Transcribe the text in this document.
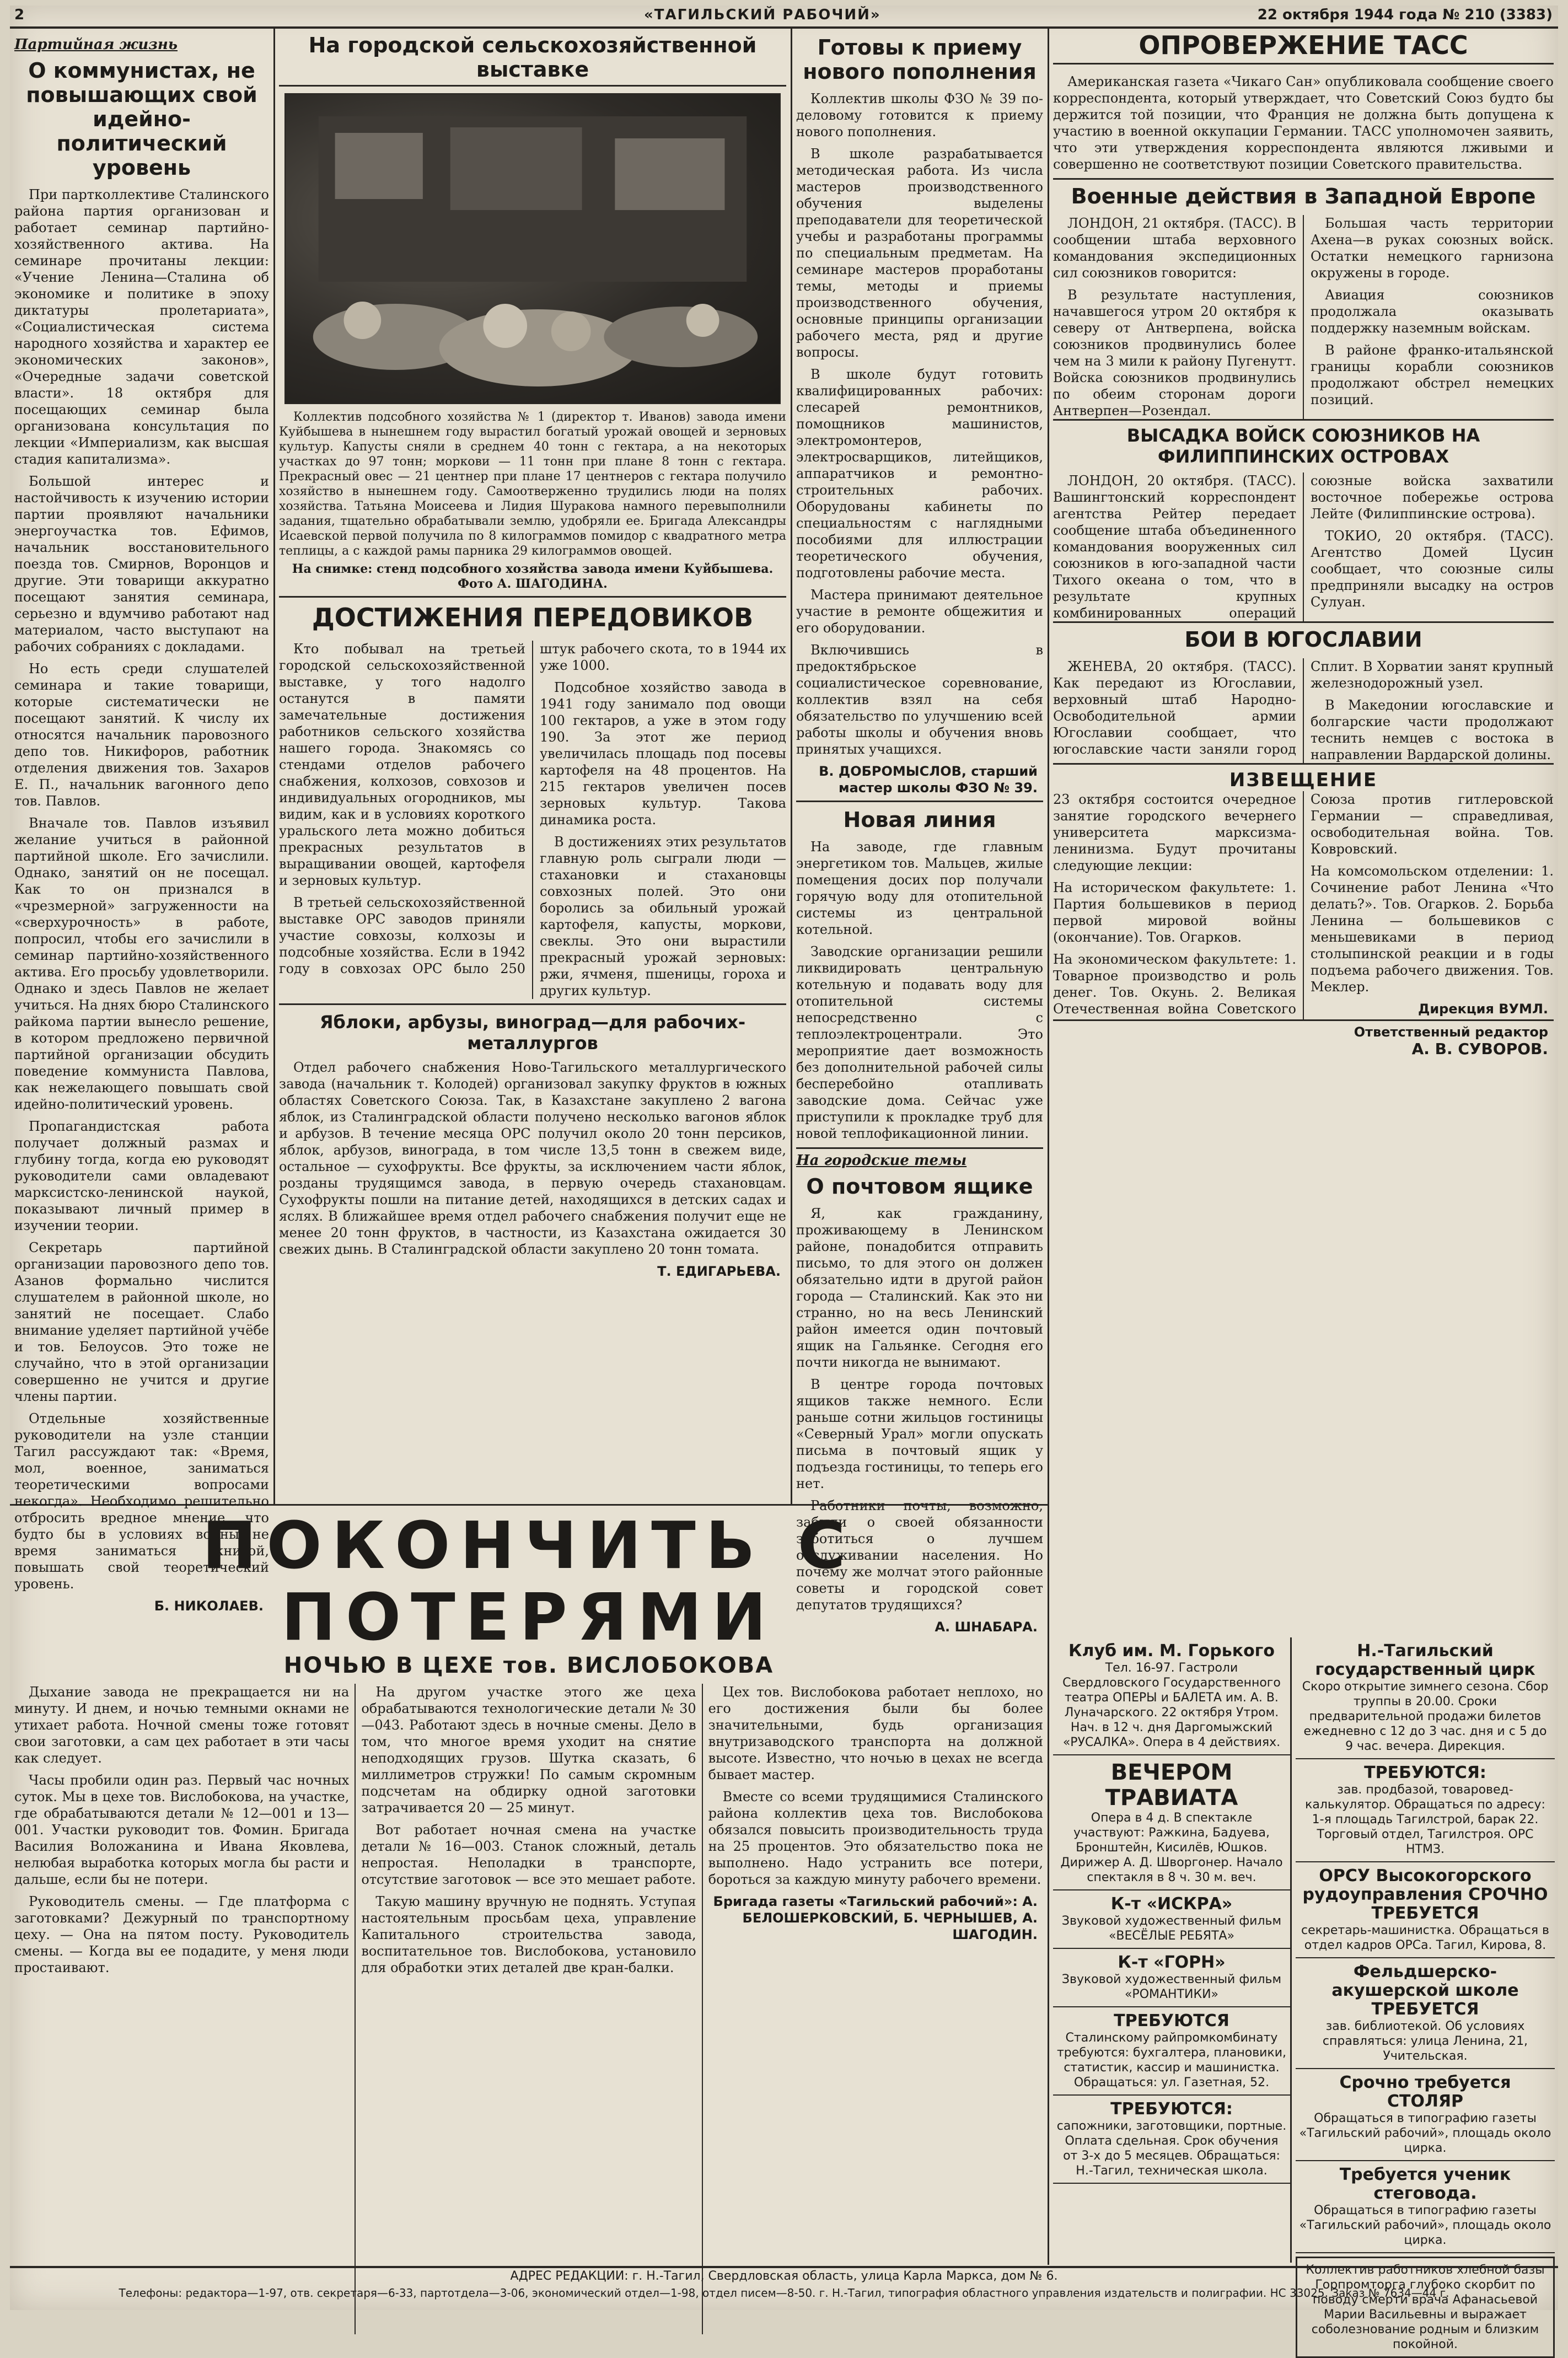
2	«ТАГИЛЬСКИЙ РАБОЧИЙ»	22 октября 1944 года № 210 (3383)
Партийная жизнь
О коммунистах, не повышающих свой идейно-политический уровень

При партколлективе Сталинского района партия организован и работает семинар партийно-хозяйственного актива. На семинаре прочитаны лекции: «Учение Ленина—Сталина об экономике и политике в эпоху диктатуры пролетариата», «Социалистическая система народного хозяйства и характер ее экономических законов», «Очередные задачи советской власти». 18 октября для посещающих семинар была организована консультация по лекции «Империализм, как высшая стадия капитализма».

Большой интерес и настойчивость к изучению истории партии проявляют начальники энергоучастка тов. Ефимов, начальник восстановительного поезда тов. Смирнов, Воронцов и другие. Эти товарищи аккуратно посещают занятия семинара, серьезно и вдумчиво работают над материалом, часто выступают на рабочих собраниях с докладами.

Но есть среди слушателей семинара и такие товарищи, которые систематически не посещают занятий. К числу их относятся начальник паровозного депо тов. Никифоров, работник отделения движения тов. Захаров Е. П., начальник вагонного депо тов. Павлов.

Вначале тов. Павлов изъявил желание учиться в районной партийной школе. Его зачислили. Однако, занятий он не посещал. Как то он признался в «чрезмерной» загруженности на «сверхурочность» в работе, попросил, чтобы его зачислили в семинар партийно-хозяйственного актива. Его просьбу удовлетворили. Однако и здесь Павлов не желает учиться. На днях бюро Сталинского райкома партии вынесло решение, в котором предложено первичной партийной организации обсудить поведение коммуниста Павлова, как нежелающего повышать свой идейно-политический уровень.

Пропагандистская работа получает должный размах и глубину тогда, когда ею руководят руководители сами овладевают марксистско-ленинской наукой, показывают личный пример в изучении теории.

Секретарь партийной организации паровозного депо тов. Азанов формально числится слушателем в районной школе, но занятий не посещает. Слабо внимание уделяет партийной учёбе и тов. Белоусов. Это тоже не случайно, что в этой организации совершенно не учится и другие члены партии.

Отдельные хозяйственные руководители на узле станции Тагил рассуждают так: «Время, мол, военное, заниматься теоретическими вопросами некогда». Необходимо решительно отбросить вредное мнение, что будто бы в условиях войны не время заниматься книгой, повышать свой теоретический уровень.

Б. НИКОЛАЕВ.

На городской сельскохозяйственной выставке

Коллектив подсобного хозяйства № 1 (директор т. Иванов) завода имени Куйбышева в нынешнем году вырастил богатый урожай овощей и зерновых культур. Капусты сняли в среднем 40 тонн с гектара, а на некоторых участках до 97 тонн; моркови — 11 тонн при плане 8 тонн с гектара. Прекрасный овес — 21 центнер при плане 17 центнеров с гектара получило хозяйство в нынешнем году. Самоотверженно трудились люди на полях хозяйства. Татьяна Моисеева и Лидия Шуракова намного перевыполнили задания, тщательно обрабатывали землю, удобряли ее. Бригада Александры Исаевской первой получила по 8 килограммов помидор с квадратного метра теплицы, а с каждой рамы парника 29 килограммов овощей.

На снимке: стенд подсобного хозяйства завода имени Куйбышева. Фото А. ШАГОДИНА.

ДОСТИЖЕНИЯ ПЕРЕДОВИКОВ

Кто побывал на третьей городской сельскохозяйственной выставке, у того надолго останутся в памяти замечательные достижения работников сельского хозяйства нашего города. Знакомясь со стендами отделов рабочего снабжения, колхозов, совхозов и индивидуальных огородников, мы видим, как и в условиях короткого уральского лета можно добиться прекрасных результатов в выращивании овощей, картофеля и зерновых культур.

В третьей сельскохозяйственной выставке ОРС заводов приняли участие совхозы, колхозы и подсобные хозяйства. Если в 1942 году в совхозах ОРС было 250 штук рабочего скота, то в 1944 их уже 1000.

Подсобное хозяйство завода в 1941 году занимало под овощи 100 гектаров, а уже в этом году 190. За этот же период увеличилась площадь под посевы картофеля на 48 процентов. На 215 гектаров увеличен посев зерновых культур. Такова динамика роста.

В достижениях этих результатов главную роль сыграли люди — стахановки и стахановцы совхозных полей. Это они боролись за обильный урожай картофеля, капусты, моркови, свеклы. Это они вырастили прекрасный урожай зерновых: ржи, ячменя, пшеницы, гороха и других культур.

Яблоки, арбузы, виноград—для рабочих-металлургов

Отдел рабочего снабжения Ново-Тагильского металлургического завода (начальник т. Колодей) организовал закупку фруктов в южных областях Советского Союза. Так, в Казахстане закуплено 2 вагона яблок, из Сталинградской области получено несколько вагонов яблок и арбузов. В течение месяца ОРС получил около 20 тонн персиков, яблок, арбузов, винограда, в том числе 13,5 тонн в свежем виде, остальное — сухофрукты. Все фрукты, за исключением части яблок, розданы трудящимся завода, в первую очередь стахановцам. Сухофрукты пошли на питание детей, находящихся в детских садах и яслях. В ближайшее время отдел рабочего снабжения получит еще не менее 20 тонн фруктов, в частности, из Казахстана ожидается 30 свежих дынь. В Сталинградской области закуплено 20 тонн томата.

Т. ЕДИГАРЬЕВА.

Готовы к приему нового пополнения

Коллектив школы ФЗО № 39 по-деловому готовится к приему нового пополнения.

В школе разрабатывается методическая работа. Из числа мастеров производственного обучения выделены преподаватели для теоретической учебы и разработаны программы по специальным предметам. На семинаре мастеров проработаны темы, методы и приемы производственного обучения, основные принципы организации рабочего места, ряд и другие вопросы.

В школе будут готовить квалифицированных рабочих: слесарей ремонтников, помощников машинистов, электромонтеров, электросварщиков, литейщиков, аппаратчиков и ремонтно-строительных рабочих. Оборудованы кабинеты по специальностям с наглядными пособиями для иллюстрации теоретического обучения, подготовлены рабочие места.

Мастера принимают деятельное участие в ремонте общежития и его оборудовании.

Включившись в предоктябрьское социалистическое соревнование, коллектив взял на себя обязательство по улучшению всей работы школы и обучения вновь принятых учащихся.

В. ДОБРОМЫСЛОВ, старший мастер школы ФЗО № 39.

Новая линия

На заводе, где главным энергетиком тов. Мальцев, жилые помещения досих пор получали горячую воду для отопительной системы из центральной котельной.

Заводские организации решили ликвидировать центральную котельную и подавать воду для отопительной системы непосредственно с теплоэлектроцентрали. Это мероприятие дает возможность без дополнительной рабочей силы бесперебойно отапливать заводские дома. Сейчас уже приступили к прокладке труб для новой теплофикационной линии.

На городские темы
О почтовом ящике

Я, как гражданину, проживающему в Ленинском районе, понадобится отправить письмо, то для этого он должен обязательно идти в другой район города — Сталинский. Как это ни странно, но на весь Ленинский район имеется один почтовый ящик на Гальянке. Сегодня его почти никогда не вынимают.

В центре города почтовых ящиков также немного. Если раньше сотни жильцов гостиницы «Северный Урал» могли опускать письма в почтовый ящик у подъезда гостиницы, то теперь его нет.

Работники почты, возможно, забыли о своей обязанности заботиться о лучшем обслуживании населения. Но почему же молчат этого районные советы и городской совет депутатов трудящихся?

А. ШНАБАРА.

ОПРОВЕРЖЕНИЕ ТАСС

Американская газета «Чикаго Сан» опубликовала сообщение своего корреспондента, который утверждает, что Советский Союз будто бы держится той позиции, что Франция не должна быть допущена к участию в военной оккупации Германии. ТАСС уполномочен заявить, что эти утверждения корреспондента являются лживыми и совершенно не соответствуют позиции Советского правительства.

Военные действия в Западной Европе

ЛОНДОН, 21 октября. (ТАСС). В сообщении штаба верховного командования экспедиционных сил союзников говорится:

В результате наступления, начавшегося утром 20 октября к северу от Антверпена, войска союзников продвинулись более чем на 3 мили к району Пугенутт. Войска союзников продвинулись по обеим сторонам дороги Антверпен—Розендал.

Большая часть территории Ахена—в руках союзных войск. Остатки немецкого гарнизона окружены в городе.

Авиация союзников продолжала оказывать поддержку наземным войскам.

В районе франко-итальянской границы корабли союзников продолжают обстрел немецких позиций.

ВЫСАДКА ВОЙСК СОЮЗНИКОВ НА ФИЛИППИНСКИХ ОСТРОВАХ

ЛОНДОН, 20 октября. (ТАСС). Вашингтонский корреспондент агентства Рейтер передает сообщение штаба объединенного командования вооруженных сил союзников в юго-западной части Тихого океана о том, что в результате крупных комбинированных операций союзные войска захватили восточное побережье острова Лейте (Филиппинские острова).

ТОКИО, 20 октября. (ТАСС). Агентство Домей Цусин сообщает, что союзные силы предприняли высадку на остров Сулуан.

БОИ В ЮГОСЛАВИИ

ЖЕНЕВА, 20 октября. (ТАСС). Как передают из Югославии, верховный штаб Народно-Освободительной армии Югославии сообщает, что югославские части заняли город Сплит. В Хорватии занят крупный железнодорожный узел.

В Македонии югославские и болгарские части продолжают теснить немцев с востока в направлении Вардарской долины.

ИЗВЕЩЕНИЕ

23 октября состоится очередное занятие городского вечернего университета марксизма-ленинизма. Будут прочитаны следующие лекции:

На историческом факультете: 1. Партия большевиков в период первой мировой войны (окончание). Тов. Огарков.

На экономическом факультете: 1. Товарное производство и роль денег. Тов. Окунь. 2. Великая Отечественная война Советского Союза против гитлеровской Германии — справедливая, освободительная война. Тов. Ковровский.

На комсомольском отделении: 1. Сочинение работ Ленина «Что делать?». Тов. Огарков. 2. Борьба Ленина — большевиков с меньшевиками в период столыпинской реакции и в годы подъема рабочего движения. Тов. Меклер.

Дирекция ВУМЛ.

Ответственный редактор
А. В. СУВОРОВ.
ПОКОНЧИТЬ С ПОТЕРЯМИ
НОЧЬЮ В ЦЕХЕ тов. ВИСЛОБОКОВА

Дыхание завода не прекращается ни на минуту. И днем, и ночью темными окнами не утихает работа. Ночной смены тоже готовят свои заготовки, а сам цех работает в эти часы как следует.

Часы пробили один раз. Первый час ночных суток. Мы в цехе тов. Вислобокова, на участке, где обрабатываются детали № 12—001 и 13—001. Участки руководит тов. Фомин. Бригада Василия Воложанина и Ивана Яковлева, нелюбая выработка которых могла бы расти и дальше, если бы не потери.

Руководитель смены. — Где платформа с заготовками? Дежурный по транспортному цеху. — Она на пятом посту. Руководитель смены. — Когда вы ее подадите, у меня люди простаивают.

На другом участке этого же цеха обрабатываются технологические детали № 30—043. Работают здесь в ночные смены. Дело в том, что многое время уходит на снятие неподходящих грузов. Шутка сказать, 6 миллиметров стружки! По самым скромным подсчетам на обдирку одной заготовки затрачивается 20 — 25 минут.

Вот работает ночная смена на участке детали № 16—003. Станок сложный, деталь непростая. Неполадки в транспорте, отсутствие заготовок — все это мешает работе.

Такую машину вручную не поднять. Уступая настоятельным просьбам цеха, управление Капитального строительства завода, воспитательное тов. Вислобокова, установило для обработки этих деталей две кран-балки.

Цех тов. Вислобокова работает неплохо, но его достижения были бы более значительными, будь организация внутризаводского транспорта на должной высоте. Известно, что ночью в цехах не всегда бывает мастер.

Вместе со всеми трудящимися Сталинского района коллектив цеха тов. Вислобокова обязался повысить производительность труда на 25 процентов. Это обязательство пока не выполнено. Надо устранить все потери, бороться за каждую минуту рабочего времени.

Бригада газеты «Тагильский рабочий»: А. БЕЛОШЕРКОВСКИЙ, Б. ЧЕРНЫШЕВ, А. ШАГОДИН.

Клуб им. М. Горького
Тел. 16-97. Гастроли Свердловского Государственного театра ОПЕРЫ и БАЛЕТА им. А. В. Луначарского. 22 октября Утром. Нач. в 12 ч. дня Даргомыжский «РУСАЛКА». Опера в 4 действиях.
ВЕЧЕРОМ ТРАВИАТА
Опера в 4 д. В спектакле участвуют: Ражкина, Бадуева, Бронштейн, Кисилёв, Юшков. Дирижер А. Д. Шворгонер. Начало спектакля в 8 ч. 30 м. веч.
К-т «ИСКРА»
Звуковой художественный фильм «ВЕСЁЛЫЕ РЕБЯТА»
К-т «ГОРН»
Звуковой художественный фильм «РОМАНТИКИ»
ТРЕБУЮТСЯ
Сталинскому райпромкомбинату требуются: бухгалтера, плановики, статистик, кассир и машинистка. Обращаться: ул. Газетная, 52.
ТРЕБУЮТСЯ:
сапожники, заготовщики, портные. Оплата сдельная. Срок обучения от 3-х до 5 месяцев. Обращаться: Н.-Тагил, техническая школа.
Н.-Тагильский государственный цирк
Скоро открытие зимнего сезона. Сбор труппы в 20.00. Сроки предварительной продажи билетов ежедневно с 12 до 3 час. дня и с 5 до 9 час. вечера. Дирекция.
ТРЕБУЮТСЯ:
зав. продбазой, товаровед-калькулятор. Обращаться по адресу: 1-я площадь Тагилстрой, барак 22. Торговый отдел, Тагилстроя. ОРС НТМЗ.
ОРСУ Высокогорского рудоуправления СРОЧНО ТРЕБУЕТСЯ
секретарь-машинистка. Обращаться в отдел кадров ОРСа. Тагил, Кирова, 8.
Фельдшерско-акушерской школе ТРЕБУЕТСЯ
зав. библиотекой. Об условиях справляться: улица Ленина, 21, Учительская.
Срочно требуется СТОЛЯР
Обращаться в типографию газеты «Тагильский рабочий», площадь около цирка.
Требуется ученик стеговода.
Обращаться в типографию газеты «Тагильский рабочий», площадь около цирка.
Коллектив работников хлебной базы Горпромторга глубоко скорбит по поводу смерти врача Афанасьевой Марии Васильевны и выражает соболезнование родным и близким покойной.
АДРЕС РЕДАКЦИИ: г. Н.-Тагил, Свердловская область, улица Карла Маркса, дом № 6.
Телефоны: редактора—1-97, отв. секретаря—6-33, партотдела—3-06, экономический отдел—1-98, отдел писем—8-50. г. Н.-Тагил, типография областного управления издательств и полиграфии. НС 33025. Заказ № 7634—44 г.
